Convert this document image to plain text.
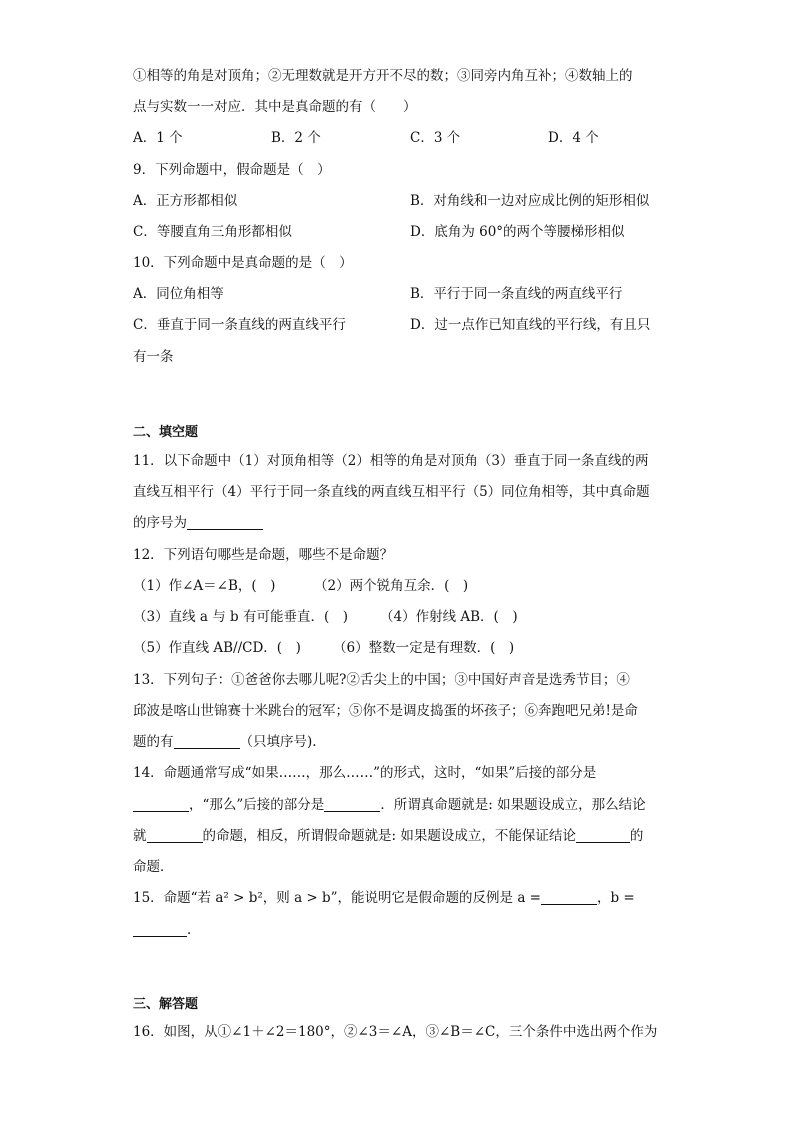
①相等的角是对顶角；②无理数就是开方开不尽的数；③同旁内角互补；④数轴上的
点与实数一一对应．其中是真命题的有（　　）
A．1 个	B．2 个	C．3 个	D．4 个
9．下列命题中，假命题是（　）
A．正方形都相似	B．对角线和一边对应成比例的矩形相似
C．等腰直角三角形都相似	D．底角为 60°的两个等腰梯形相似
10．下列命题中是真命题的是（　）
A．同位角相等	B．平行于同一条直线的两直线平行
C．垂直于同一条直线的两直线平行	D．过一点作已知直线的平行线，有且只
有一条
二、填空题
11．以下命题中（1）对顶角相等（2）相等的角是对顶角（3）垂直于同一条直线的两
直线互相平行（4）平行于同一条直线的两直线互相平行（5）同位角相等，其中真命题
的序号为
12．下列语句哪些是命题，哪些不是命题？
（1）作∠A＝∠B，(　)	（2）两个锐角互余．(　)
（3）直线 a 与 b 有可能垂直．(　) （4）作射线 AB．(　)
（5）作直线 AB//CD．(　) （6）整数一定是有理数．(　)
13．下列句子：①爸爸你去哪儿呢?②舌尖上的中国；③中国好声音是选秀节目；④
邱波是喀山世锦赛十米跳台的冠军；⑤你不是调皮捣蛋的坏孩子；⑥奔跑吧兄弟!是命
题的有	（只填序号).
14．命题通常写成“如果……，那么……”的形式，这时，“如果”后接的部分是
，“那么”后接的部分是	．所谓真命题就是: 如果题设成立，那么结论
就	的命题，相反，所谓假命题就是: 如果题设成立，不能保证结论	的
命题．
15．命题“若 a² > b²，则 a > b”，能说明它是假命题的反例是 a =	，b =
．
三、解答题
16．如图，从①∠1＋∠2＝180°，②∠3＝∠A，③∠B＝∠C，三个条件中选出两个作为
